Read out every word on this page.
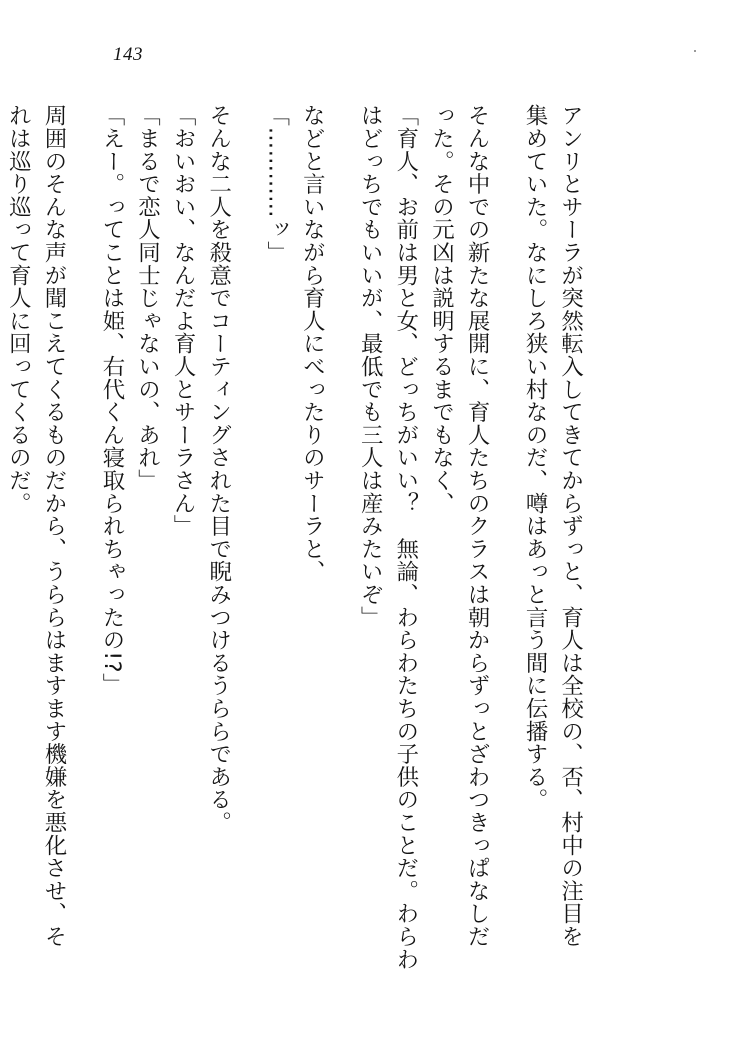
143
アンリとサーラが突然転入してきてからずっと、育人は全校の、否、村中の注目を
集めていた。なにしろ狭い村なのだ、噂はあっと言う間に伝播する。
そんな中での新たな展開に、育人たちのクラスは朝からずっとざわつきっぱなしだ
った。その元凶は説明するまでもなく、
「育人、お前は男と女、どっちがいい？　無論、わらわたちの子供のことだ。わらわ
はどっちでもいいが、最低でも三人は産みたいぞ」
などと言いながら育人にべったりのサーラと、
「…………ッ」
そんな二人を殺意でコーティングされた目で睨みつけるうららである。
「おいおい、なんだよ育人とサーラさん」
「まるで恋人同士じゃないの、あれ」
「えー。ってことは姫、右代くん寝取られちゃったの!?」
周囲のそんな声が聞こえてくるものだから、うららはますます機嫌を悪化させ、そ
れは巡り巡って育人に回ってくるのだ。
